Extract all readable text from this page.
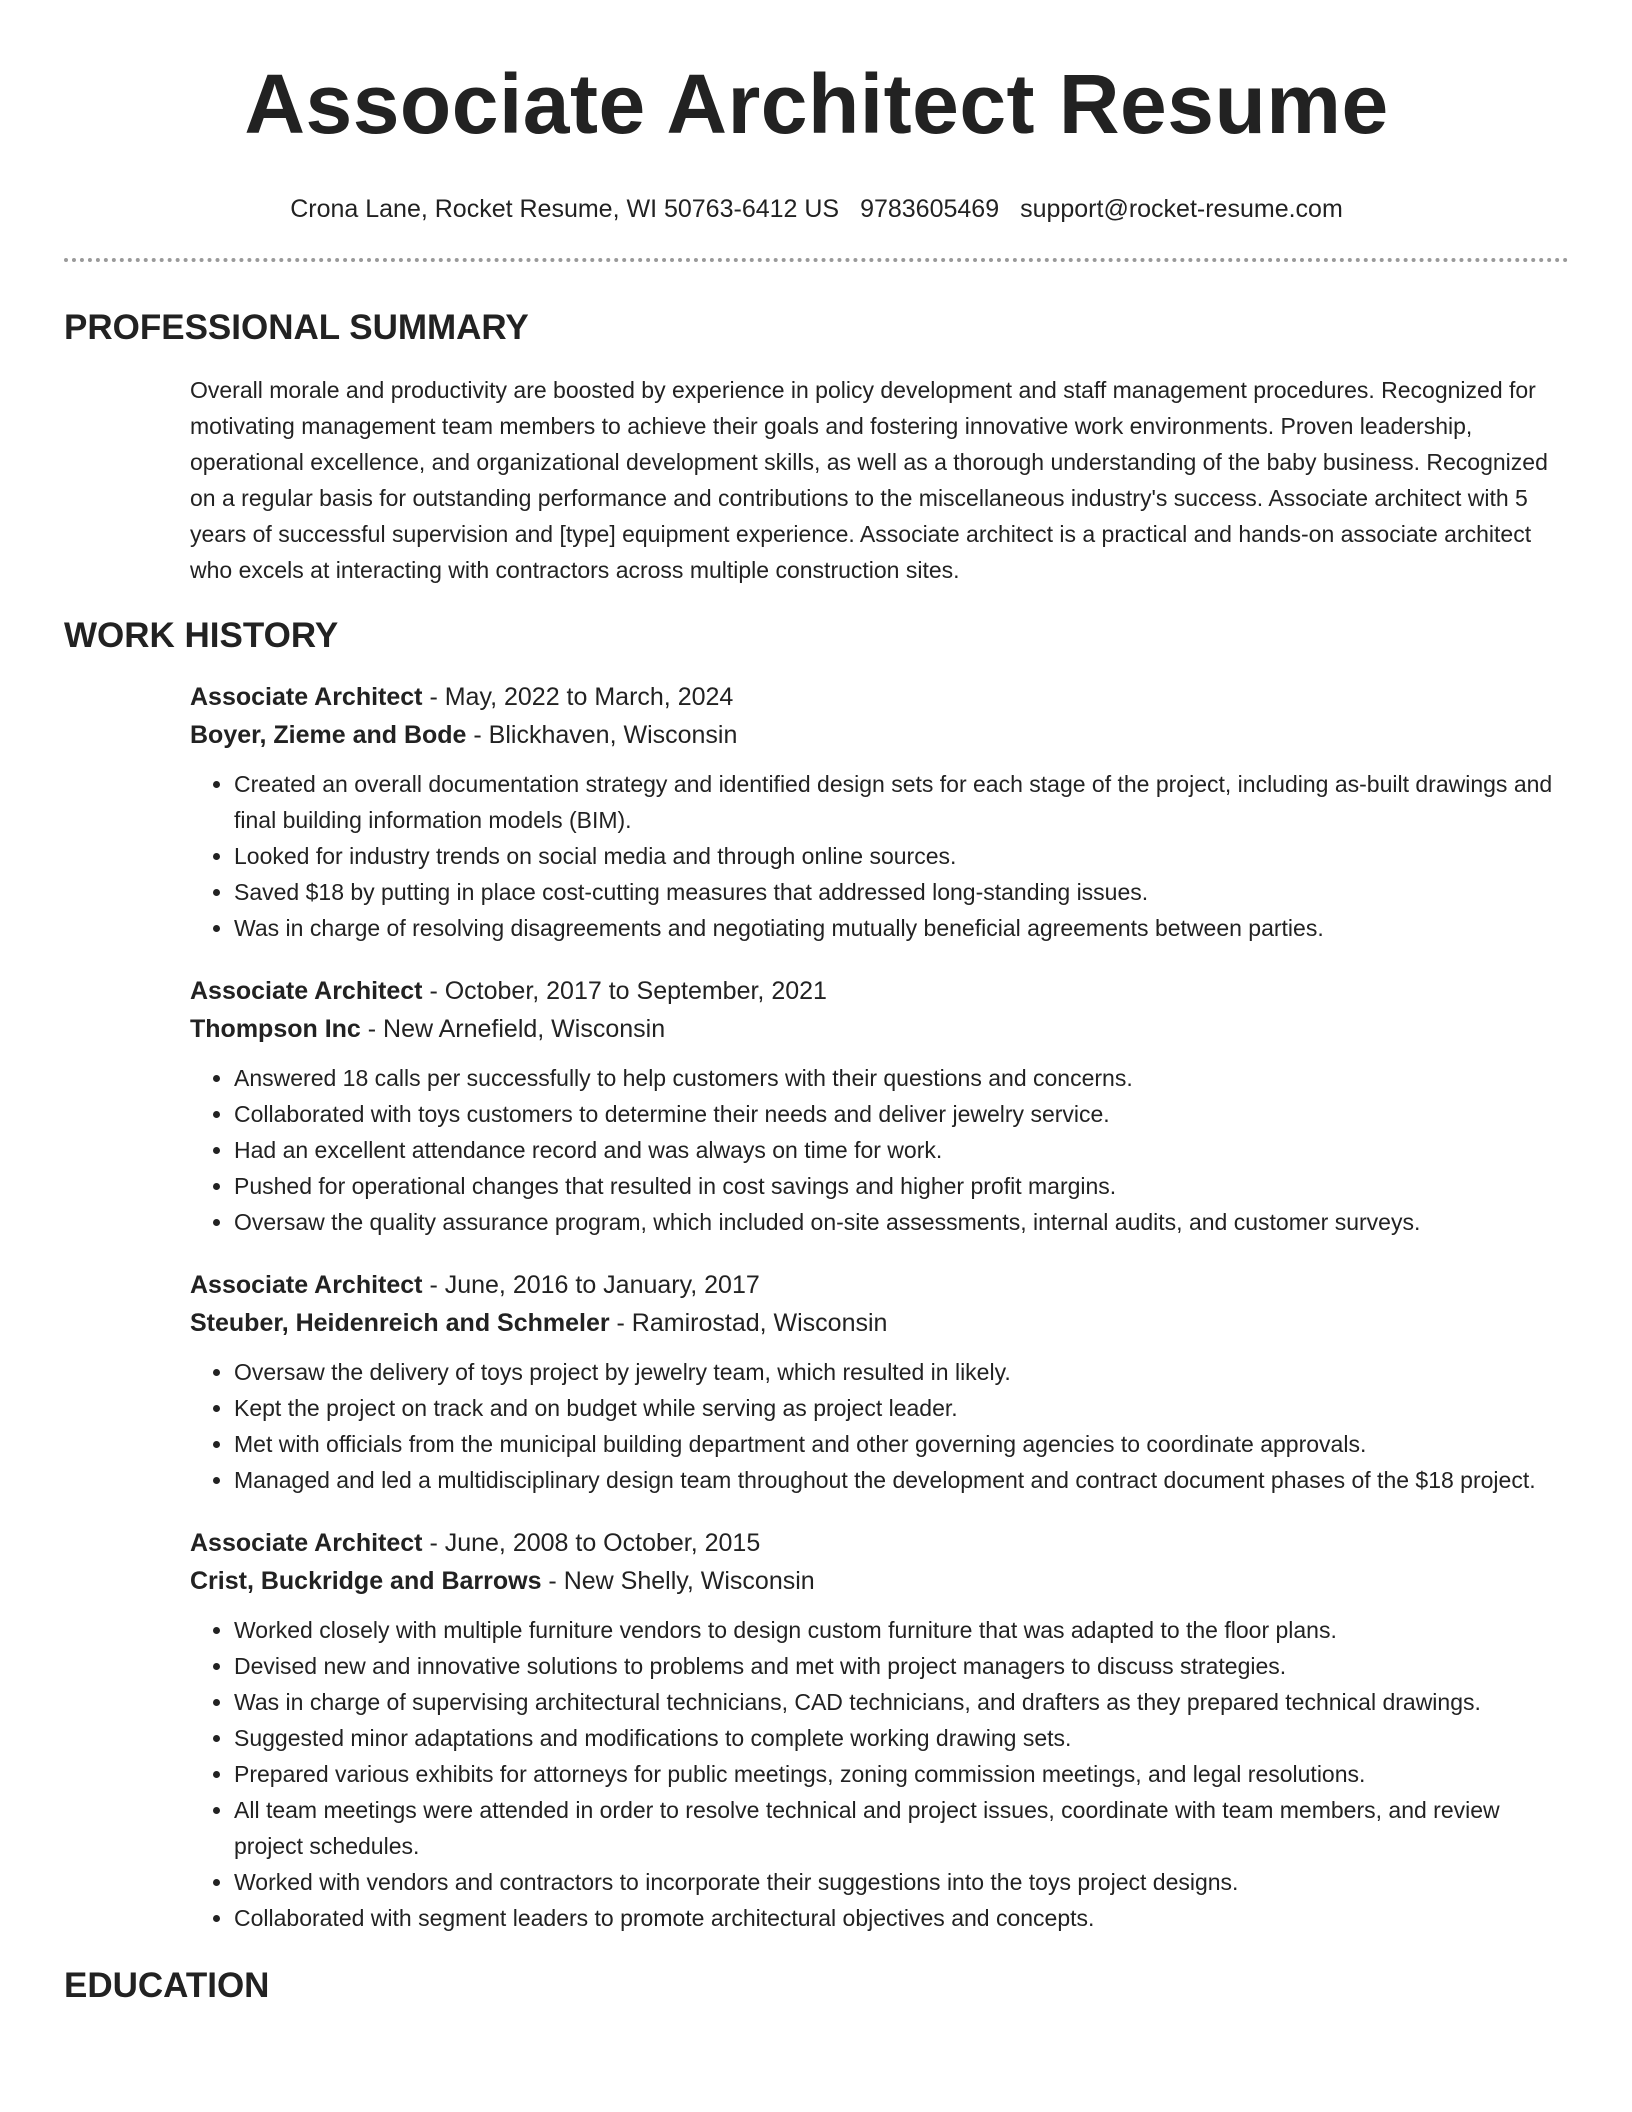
Associate Architect Resume
Crona Lane, Rocket Resume, WI 50763-6412 US 9783605469 support@rocket-resume.com
PROFESSIONAL SUMMARY
Overall morale and productivity are boosted by experience in policy development and staff management procedures. Recognized for motivating management team members to achieve their goals and fostering innovative work environments. Proven leadership, operational excellence, and organizational development skills, as well as a thorough understanding of the baby business. Recognized on a regular basis for outstanding performance and contributions to the miscellaneous industry's success. Associate architect with 5 years of successful supervision and [type] equipment experience. Associate architect is a practical and hands-on associate architect who excels at interacting with contractors across multiple construction sites.
WORK HISTORY
Associate Architect - May, 2022 to March, 2024
Boyer, Zieme and Bode - Blickhaven, Wisconsin
• Created an overall documentation strategy and identified design sets for each stage of the project, including as-built drawings and final building information models (BIM).
• Looked for industry trends on social media and through online sources.
• Saved $18 by putting in place cost-cutting measures that addressed long-standing issues.
• Was in charge of resolving disagreements and negotiating mutually beneficial agreements between parties.
Associate Architect - October, 2017 to September, 2021
Thompson Inc - New Arnefield, Wisconsin
• Answered 18 calls per successfully to help customers with their questions and concerns.
• Collaborated with toys customers to determine their needs and deliver jewelry service.
• Had an excellent attendance record and was always on time for work.
• Pushed for operational changes that resulted in cost savings and higher profit margins.
• Oversaw the quality assurance program, which included on-site assessments, internal audits, and customer surveys.
Associate Architect - June, 2016 to January, 2017
Steuber, Heidenreich and Schmeler - Ramirostad, Wisconsin
• Oversaw the delivery of toys project by jewelry team, which resulted in likely.
• Kept the project on track and on budget while serving as project leader.
• Met with officials from the municipal building department and other governing agencies to coordinate approvals.
• Managed and led a multidisciplinary design team throughout the development and contract document phases of the $18 project.
Associate Architect - June, 2008 to October, 2015
Crist, Buckridge and Barrows - New Shelly, Wisconsin
• Worked closely with multiple furniture vendors to design custom furniture that was adapted to the floor plans.
• Devised new and innovative solutions to problems and met with project managers to discuss strategies.
• Was in charge of supervising architectural technicians, CAD technicians, and drafters as they prepared technical drawings.
• Suggested minor adaptations and modifications to complete working drawing sets.
• Prepared various exhibits for attorneys for public meetings, zoning commission meetings, and legal resolutions.
• All team meetings were attended in order to resolve technical and project issues, coordinate with team members, and review project schedules.
• Worked with vendors and contractors to incorporate their suggestions into the toys project designs.
• Collaborated with segment leaders to promote architectural objectives and concepts.
EDUCATION
